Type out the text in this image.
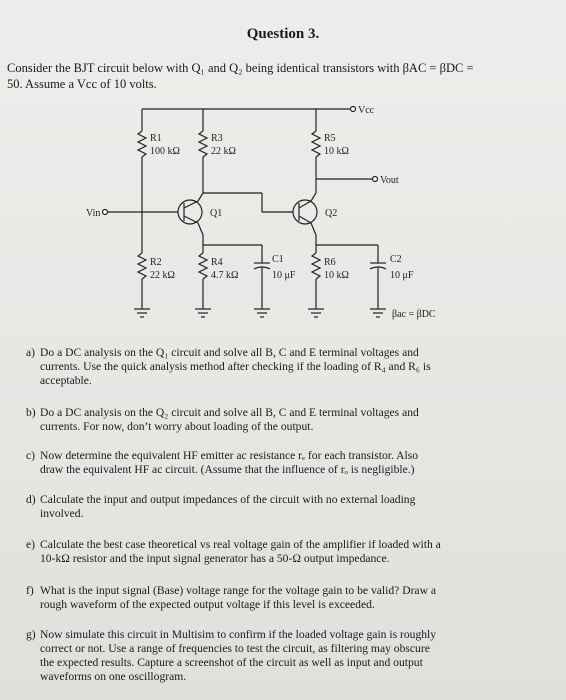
Question 3.
Consider the BJT circuit below with Q₁ and Q₂ being identical transistors with βAC = βDC =
50. Assume a Vcc of 10 volts.
Vcc
Vout
Vin
R1
100 kΩ
R3
22 kΩ
R5
10 kΩ
Q1	Q2
R2
22 kΩ
R4
4.7 kΩ
C1
10 μF
R6
10 kΩ
C2
10 μF
βac = βDC
a) Do a DC analysis on the Q₁ circuit and solve all B, C and E terminal voltages and
currents. Use the quick analysis method after checking if the loading of R₄ and R₆ is
acceptable.
b) Do a DC analysis on the Q₂ circuit and solve all B, C and E terminal voltages and
currents. For now, don’t worry about loading of the output.
c) Now determine the equivalent HF emitter ac resistance rₑ for each transistor. Also
draw the equivalent HF ac circuit. (Assume that the influence of rₒ is negligible.)
d) Calculate the input and output impedances of the circuit with no external loading
involved.
e) Calculate the best case theoretical vs real voltage gain of the amplifier if loaded with a
10-kΩ resistor and the input signal generator has a 50-Ω output impedance.
f) What is the input signal (Base) voltage range for the voltage gain to be valid? Draw a
rough waveform of the expected output voltage if this level is exceeded.
g) Now simulate this circuit in Multisim to confirm if the loaded voltage gain is roughly
correct or not. Use a range of frequencies to test the circuit, as filtering may obscure
the expected results. Capture a screenshot of the circuit as well as input and output
waveforms on one oscillogram.
